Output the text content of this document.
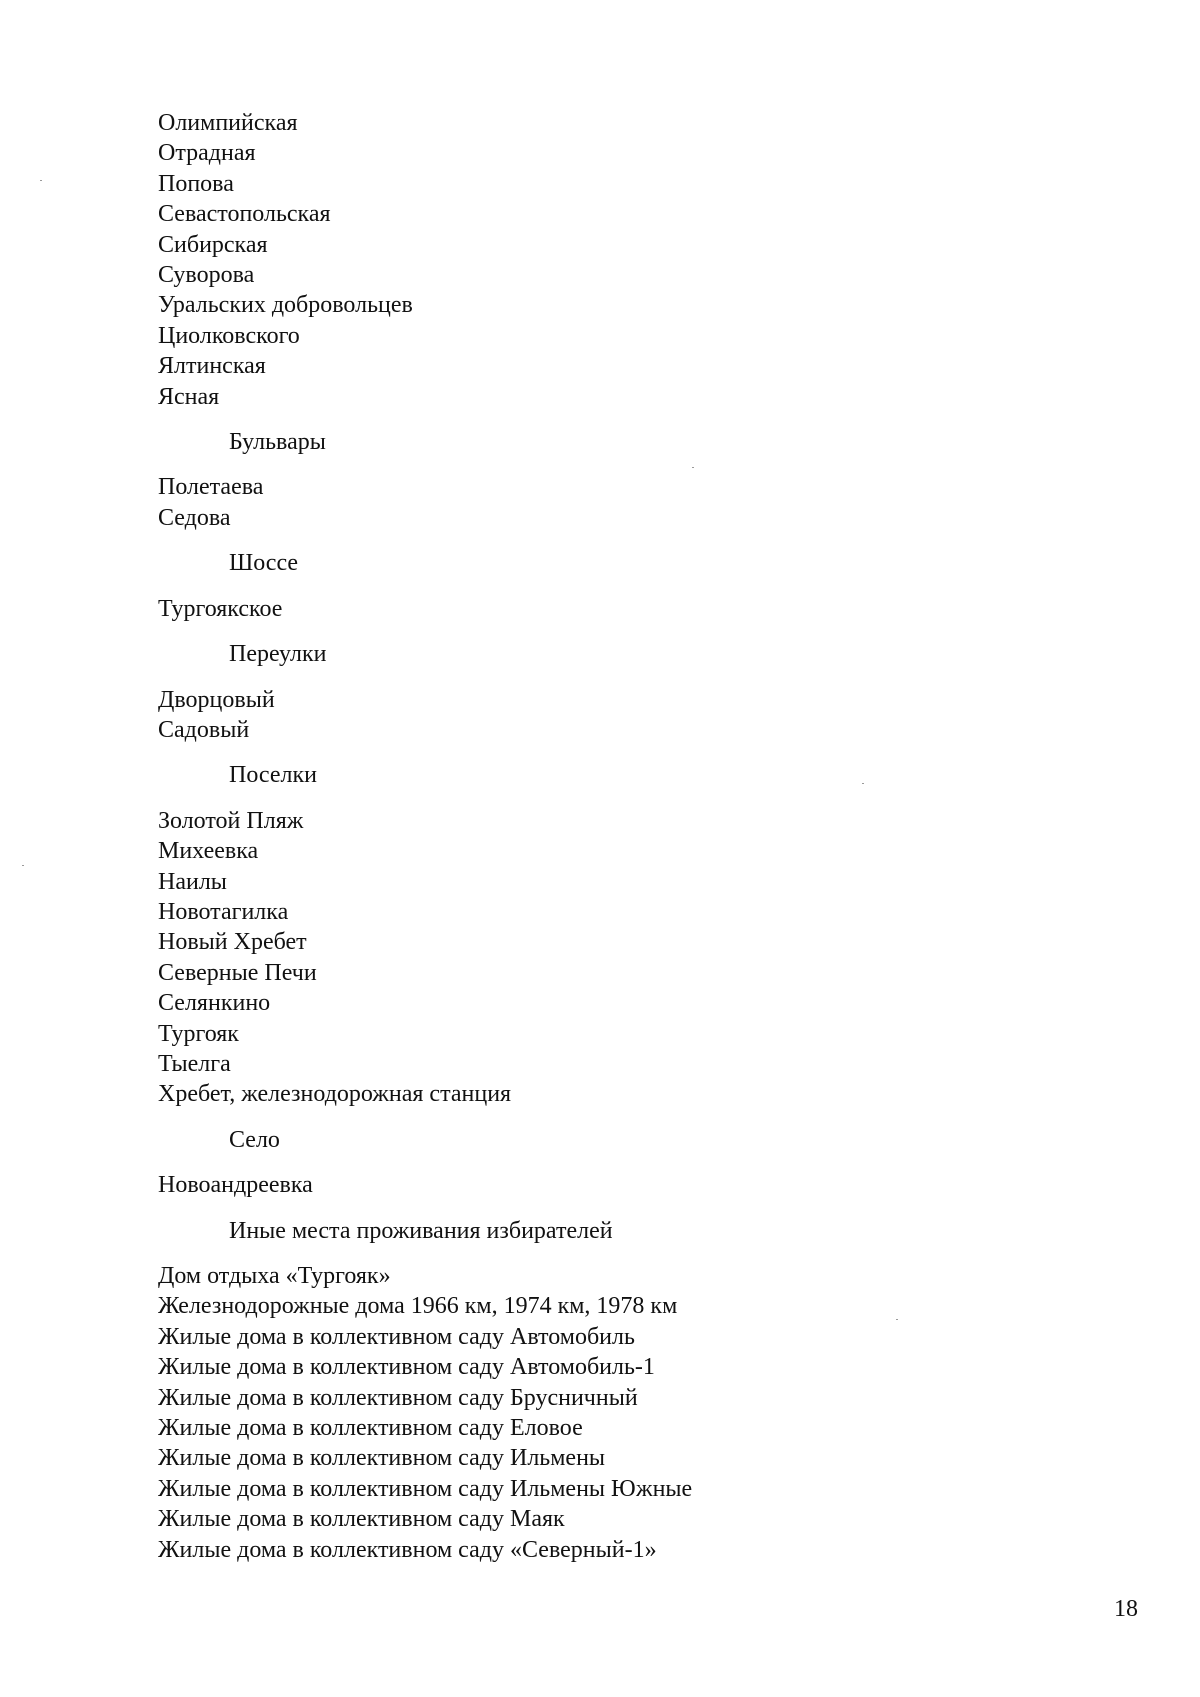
Олимпийская
Отрадная
Попова
Севастопольская
Сибирская
Суворова
Уральских добровольцев
Циолковского
Ялтинская
Ясная
Бульвары
Полетаева
Седова
Шоссе
Тургоякское
Переулки
Дворцовый
Садовый
Поселки
Золотой Пляж
Михеевка
Наилы
Новотагилка
Новый Хребет
Северные Печи
Селянкино
Тургояк
Тыелга
Хребет, железнодорожная станция
Село
Новоандреевка
Иные места проживания избирателей
Дом отдыха «Тургояк»
Железнодорожные дома 1966 км, 1974 км, 1978 км
Жилые дома в коллективном саду Автомобиль
Жилые дома в коллективном саду Автомобиль-1
Жилые дома в коллективном саду Брусничный
Жилые дома в коллективном саду Еловое
Жилые дома в коллективном саду Ильмены
Жилые дома в коллективном саду Ильмены Южные
Жилые дома в коллективном саду Маяк
Жилые дома в коллективном саду «Северный-1»
18
